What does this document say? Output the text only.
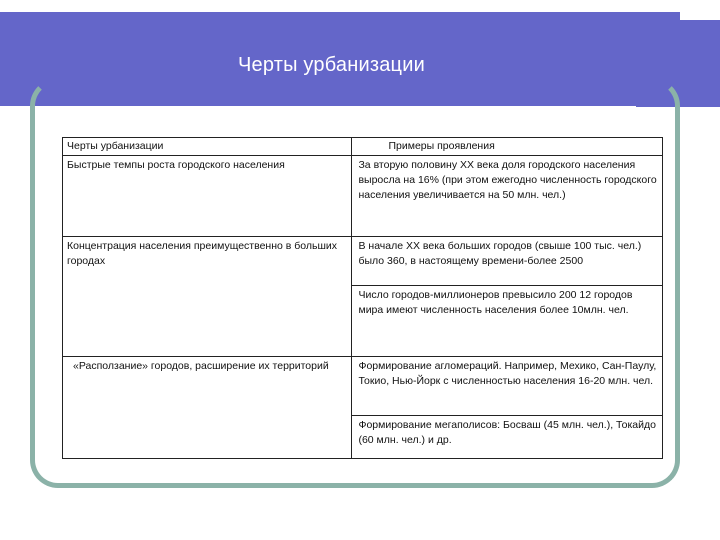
Черты урбанизации
Черты урбанизации	Примеры проявления
Быстрые темпы роста городского населения	За вторую половину XX века доля городского населения выросла на 16% (при этом ежегодно численность городского населения увеличивается на 50 млн. чел.)
Концентрация населения преимущественно в больших городах	В начале XX века больших городов (свыше 100 тыс. чел.) было 360, в настоящему времени-более 2500
	Число городов-миллионеров превысило 200 12 городов мира имеют численность населения более 10млн. чел.
«Расползание» городов, расширение их территорий	Формирование агломераций. Например, Мехико, Сан-Паулу, Токио, Нью-Йорк с численностью населения 16-20 млн. чел.
	Формирование мегаполисов: Босваш (45 млн. чел.), Токайдо (60 млн. чел.) и др.
